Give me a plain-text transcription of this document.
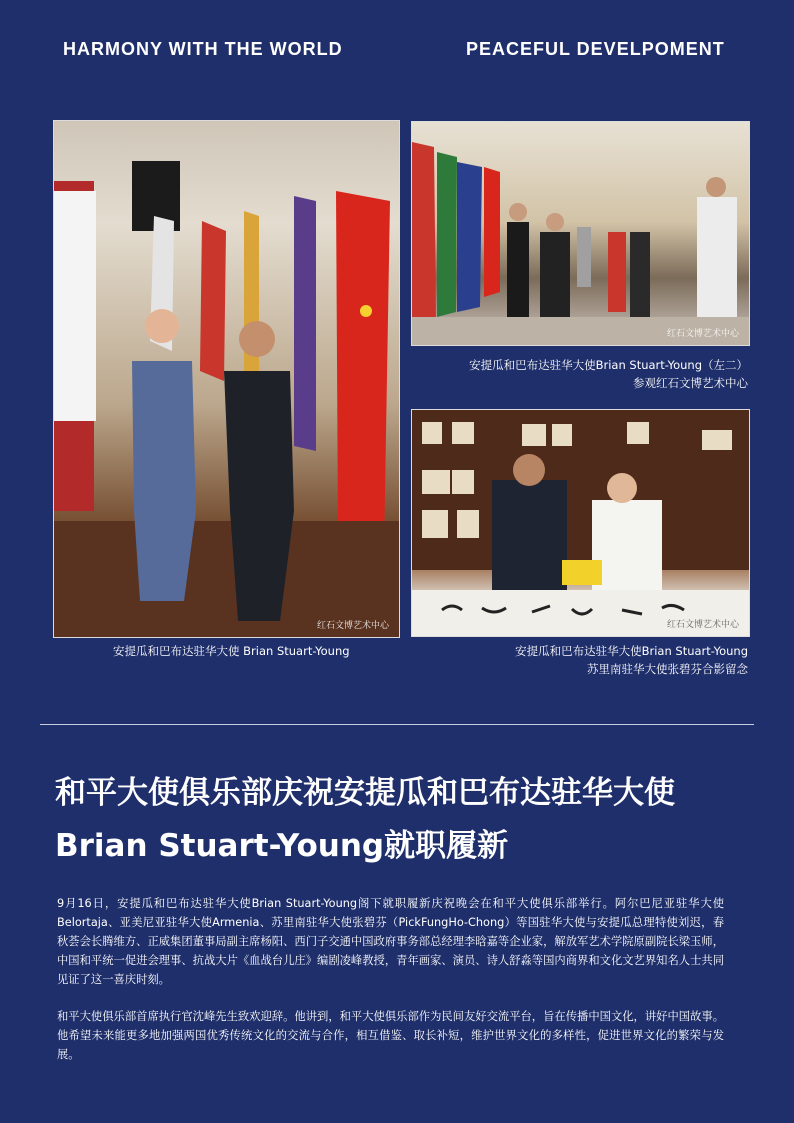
HARMONY WITH THE WORLD	PEACEFUL DEVELPOMENT
红石文博艺术中心
红石文博艺术中心
安提瓜和巴布达驻华大使Brian Stuart-Young（左二）
参观红石文博艺术中心
红石文博艺术中心
安提瓜和巴布达驻华大使 Brian Stuart-Young	安提瓜和巴布达驻华大使Brian Stuart-Young
苏里南驻华大使张碧芬合影留念
和平大使俱乐部庆祝安提瓜和巴布达驻华大使
Brian Stuart-Young就职履新
9月16日，安提瓜和巴布达驻华大使Brian Stuart-Young阁下就职履新庆祝晚会在和平大使俱乐部举行。阿尔巴尼亚驻华大使Belortaja、亚美尼亚驻华大使Armenia、苏里南驻华大使张碧芬（PickFungHo-Chong）等国驻华大使与安提瓜总理特使刘迟，春秋荟会长腾维方、正威集团董事局副主席杨阳、西门子交通中国政府事务部总经理李晗嘉等企业家，解放军艺术学院原副院长梁玉师，中国和平统一促进会理事、抗战大片《血战台儿庄》编剧凌峰教授，青年画家、演员、诗人舒淼等国内商界和文化文艺界知名人士共同见证了这一喜庆时刻。
和平大使俱乐部首席执行官沈峰先生致欢迎辞。他讲到，和平大使俱乐部作为民间友好交流平台，旨在传播中国文化，讲好中国故事。他希望未来能更多地加强两国优秀传统文化的交流与合作，相互借鉴、取长补短，维护世界文化的多样性，促进世界文化的繁荣与发展。
